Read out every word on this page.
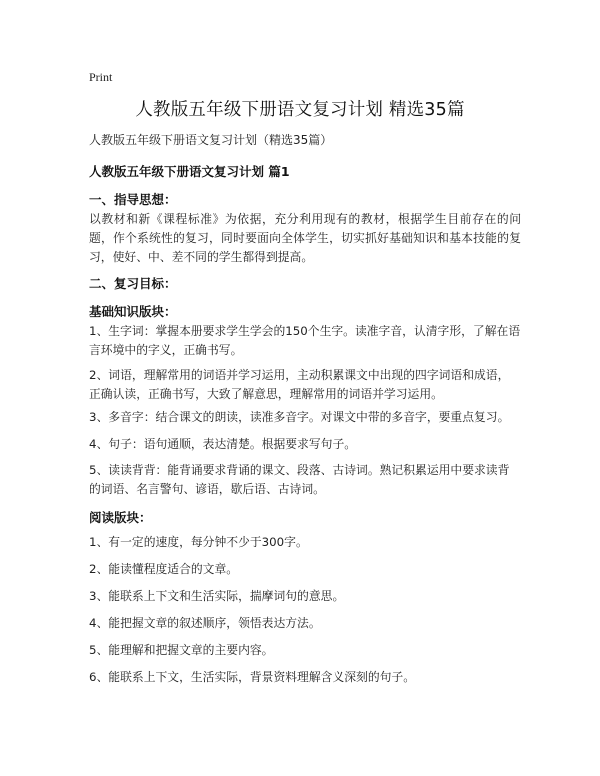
Print
人教版五年级下册语文复习计划 精选35篇
人教版五年级下册语文复习计划（精选35篇）
人教版五年级下册语文复习计划 篇1
一、指导思想：

以教材和新《课程标准》为依据，充分利用现有的教材，根据学生目前存在的问题，作个系统性的复习，同时要面向全体学生，切实抓好基础知识和基本技能的复习，使好、中、差不同的学生都得到提高。

二、复习目标：
基础知识版块：

1、生字词：掌握本册要求学生学会的150个生字。读准字音，认清字形，了解在语言环境中的字义，正确书写。

2、词语，理解常用的词语并学习运用，主动积累课文中出现的四字词语和成语，正确认读，正确书写，大致了解意思，理解常用的词语并学习运用。

3、多音字：结合课文的朗读，读准多音字。对课文中带的多音字，要重点复习。

4、句子：语句通顺，表达清楚。根据要求写句子。

5、读读背背：能背诵要求背诵的课文、段落、古诗词。熟记积累运用中要求读背的词语、名言警句、谚语，歇后语、古诗词。

阅读版块：

1、有一定的速度，每分钟不少于300字。

2、能读懂程度适合的文章。

3、能联系上下文和生活实际，揣摩词句的意思。

4、能把握文章的叙述顺序，领悟表达方法。

5、能理解和把握文章的主要内容。

6、能联系上下文，生活实际，背景资料理解含义深刻的句子。
